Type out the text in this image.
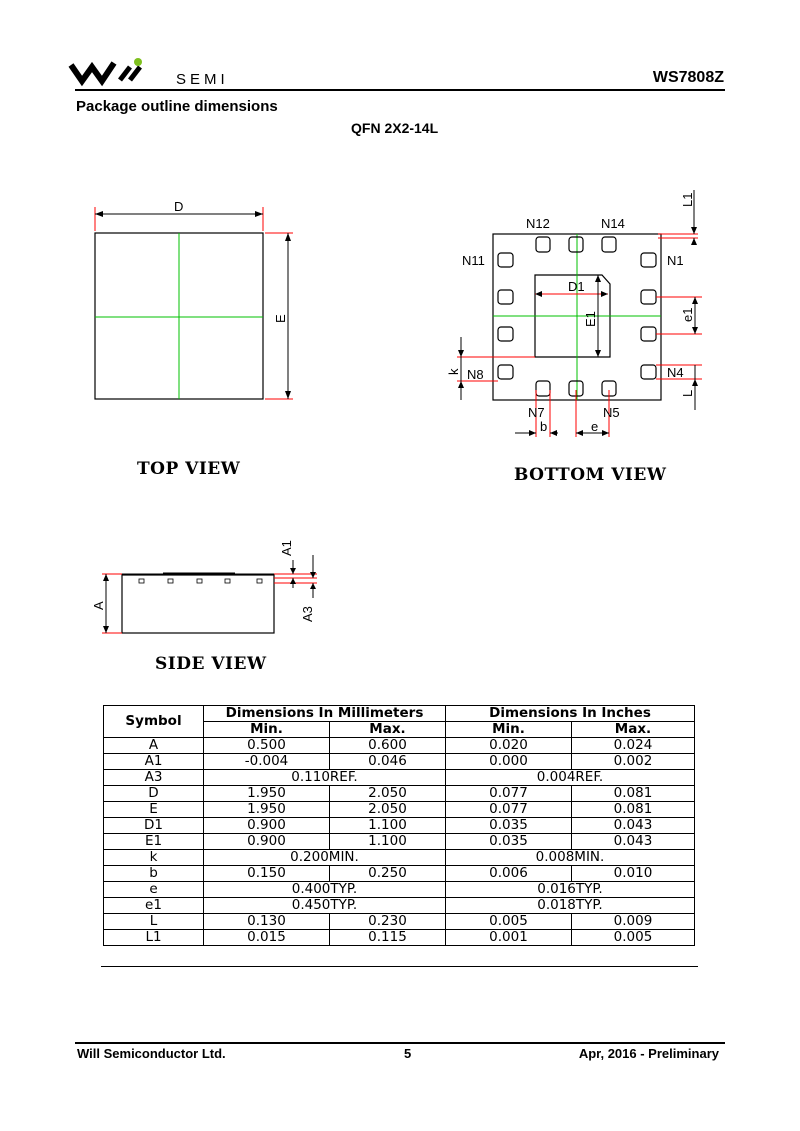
SEMI	WS7808Z
Package outline dimensions
QFN 2X2-14L
D
E
TOP VIEW
D1
E1
L1
e1
L
k
b	e
N12	N14
N11	N1
N8	N4
N7	N5
BOTTOM VIEW
A
A1
A3
SIDE VIEW
Symbol	Dimensions In Millimeters		Dimensions In Inches	
	Min.	Max.	Min.	Max.
A	0.500	0.600	0.020	0.024
A1	-0.004	0.046	0.000	0.002
A3	0.110REF.		0.004REF.	
D	1.950	2.050	0.077	0.081
E	1.950	2.050	0.077	0.081
D1	0.900	1.100	0.035	0.043
E1	0.900	1.100	0.035	0.043
k	0.200MIN.		0.008MIN.	
b	0.150	0.250	0.006	0.010
e	0.400TYP.		0.016TYP.	
e1	0.450TYP.		0.018TYP.	
L	0.130	0.230	0.005	0.009
L1	0.015	0.115	0.001	0.005
Will Semiconductor Ltd.	5	Apr, 2016 - Preliminary
